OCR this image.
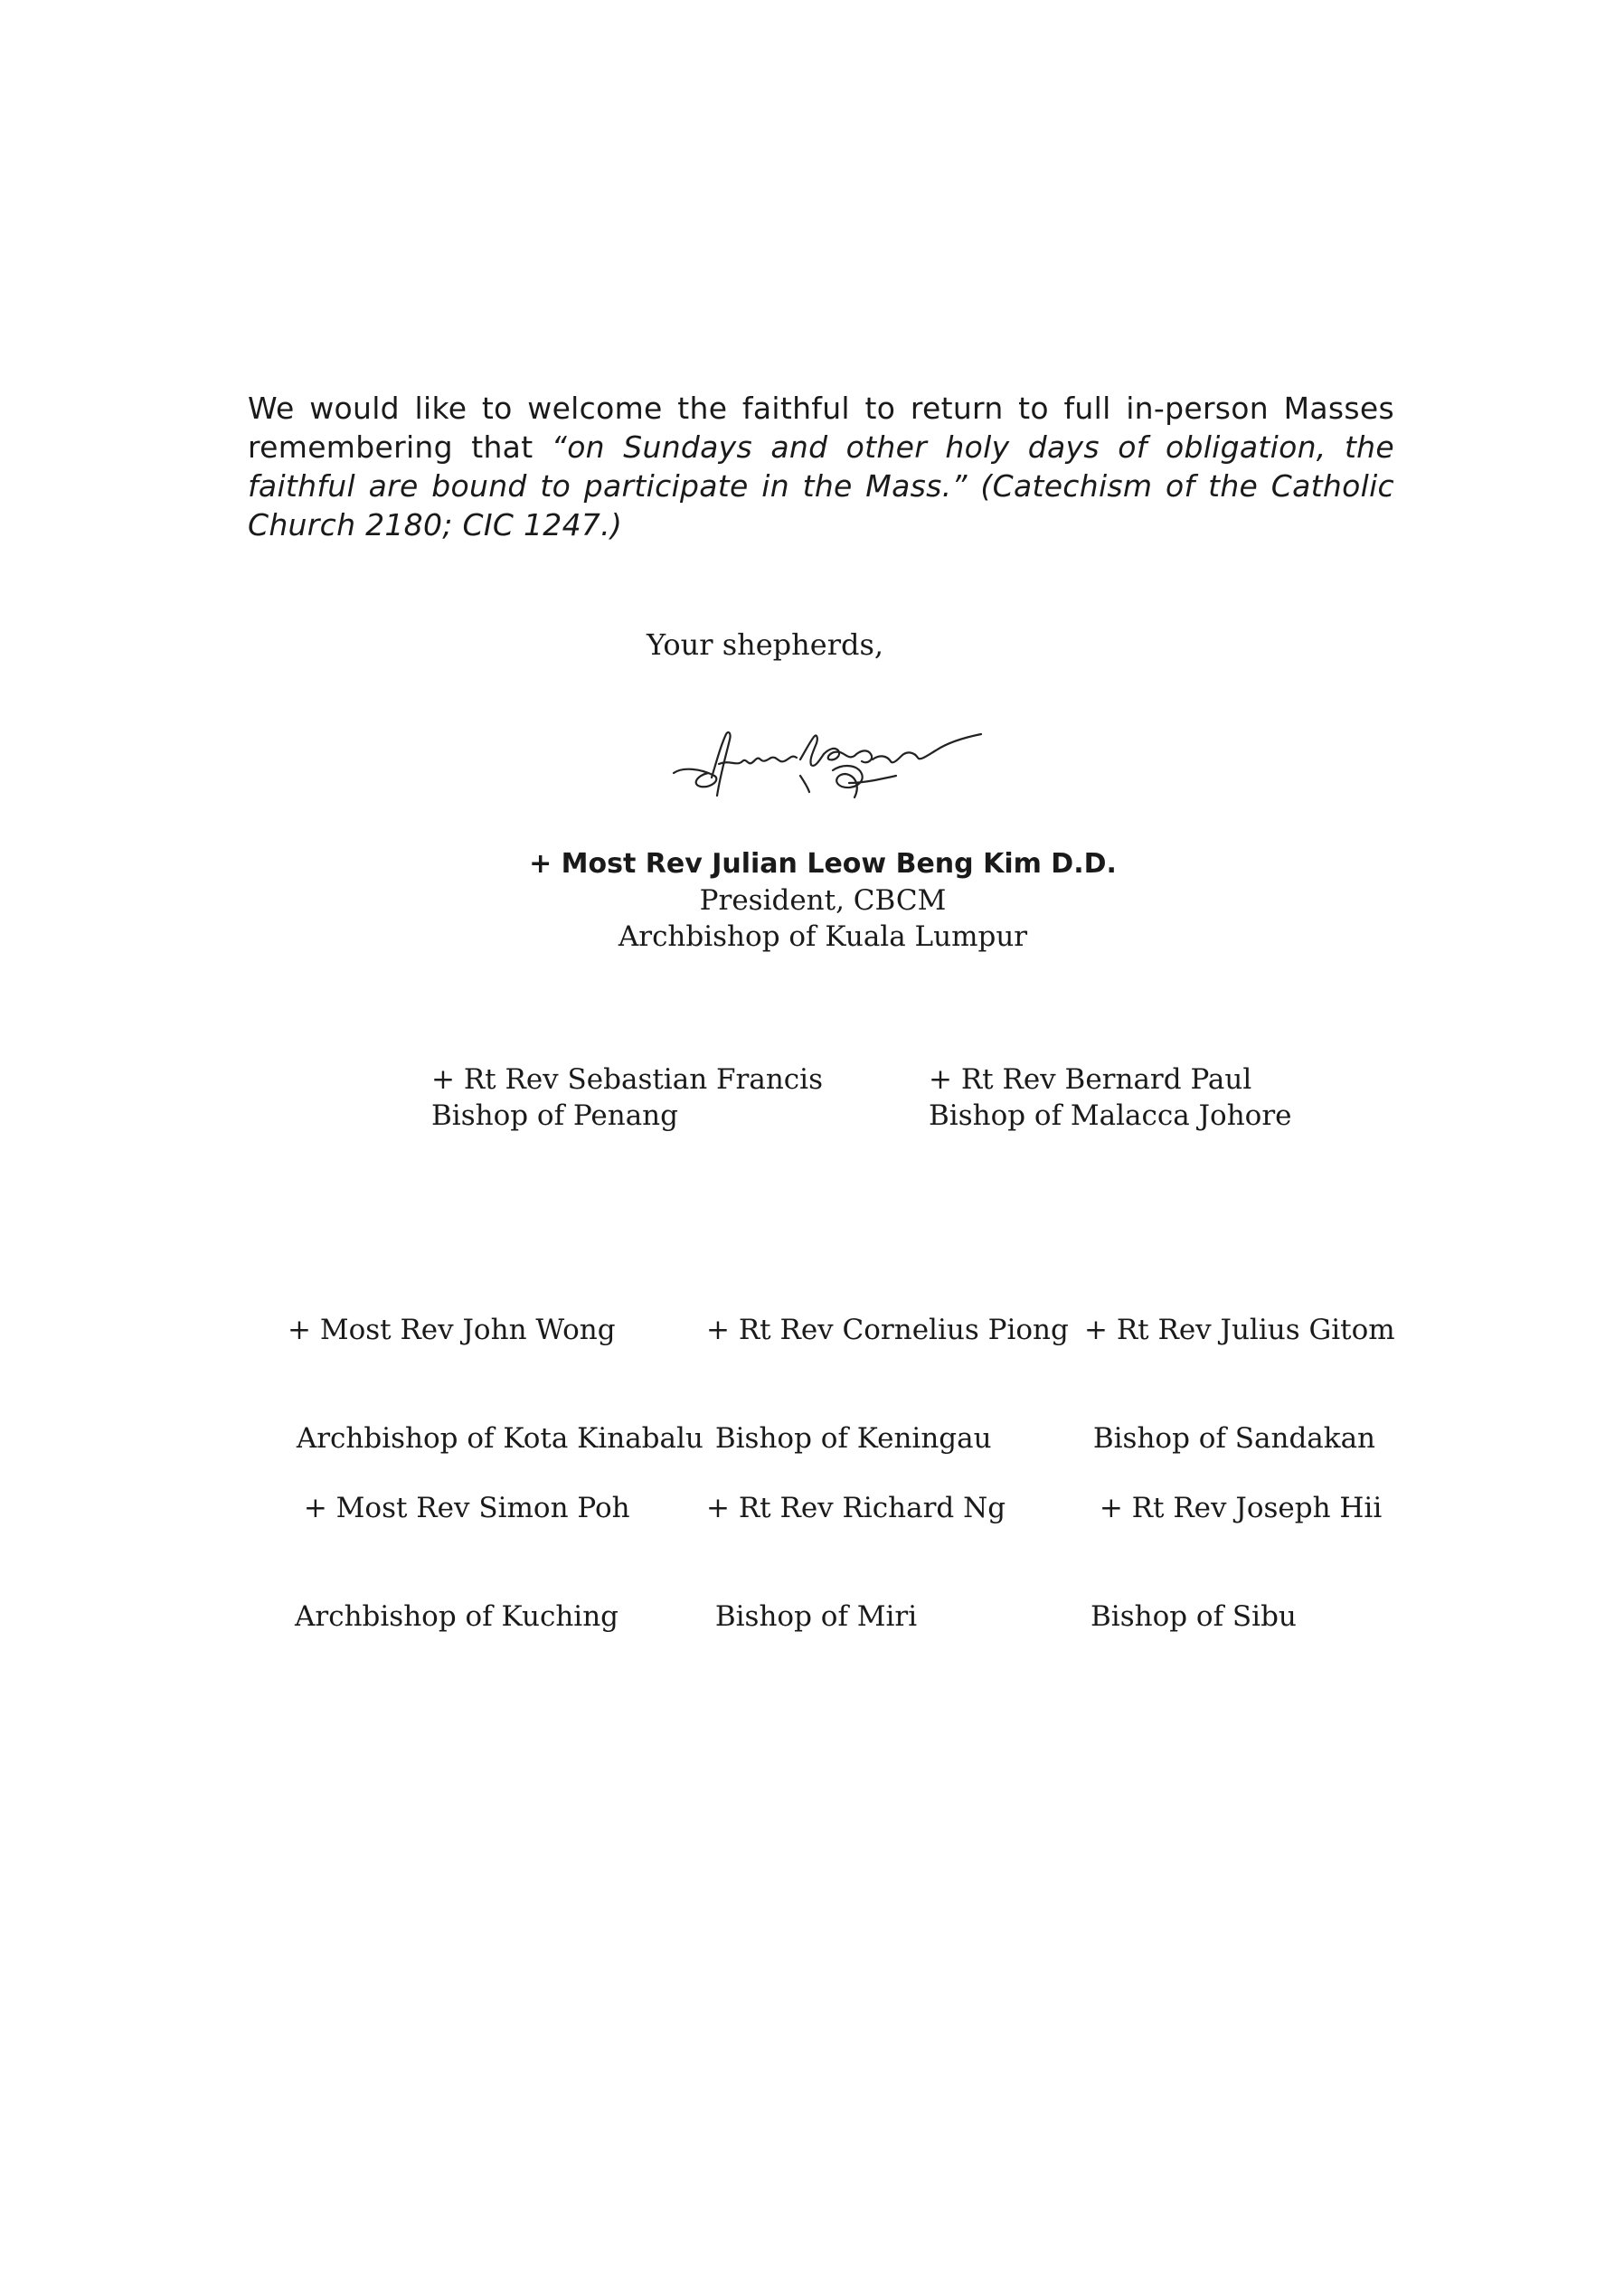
We would like to welcome the faithful to return to full in-person Masses remembering that “on Sundays and other holy days of obligation, the faithful are bound to participate in the Mass.” (Catechism of the Catholic Church 2180; CIC 1247.)

Your shepherds,
+ Most Rev Julian Leow Beng Kim D.D.
President, CBCM
Archbishop of Kuala Lumpur
+ Rt Rev Sebastian Francis
Bishop of Penang
+ Rt Rev Bernard Paul
Bishop of Malacca Johore

+ Most Rev John Wong

Archbishop of Kota Kinabalu

+ Rt Rev Cornelius Piong

Bishop of Keningau

+ Rt Rev Julius Gitom

Bishop of Sandakan

+ Most Rev Simon Poh

Archbishop of Kuching

+ Rt Rev Richard Ng

Bishop of Miri

+ Rt Rev Joseph Hii

Bishop of Sibu
